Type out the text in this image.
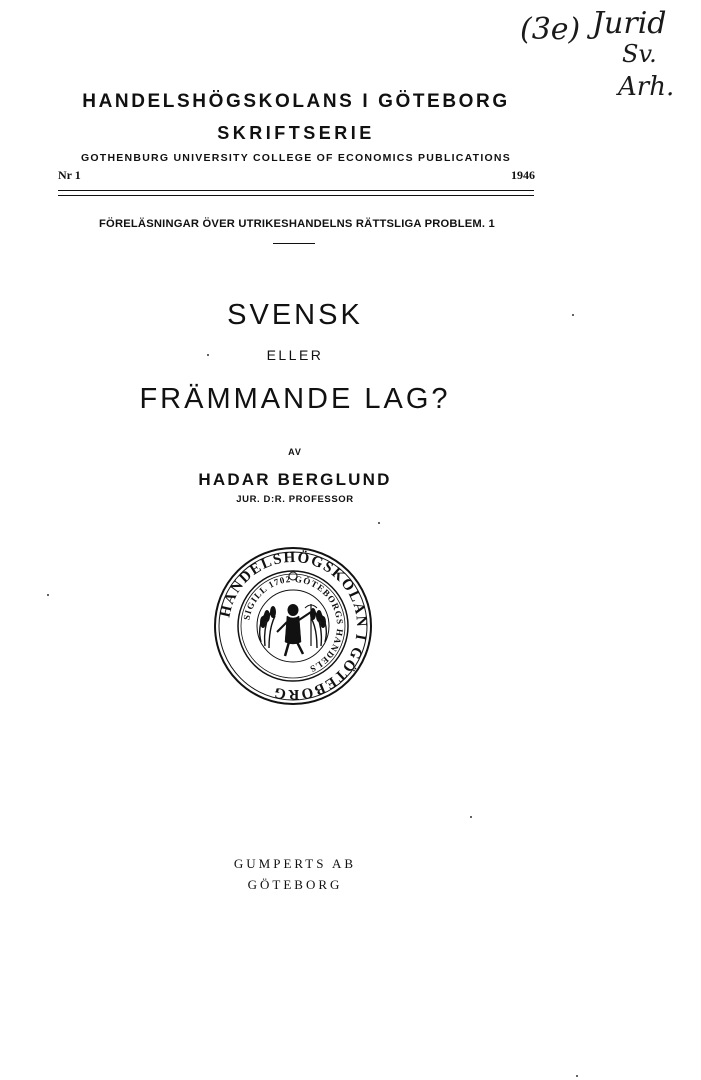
(3e) Jurid
Sv.
Arh.
HANDELSHÖGSKOLANS I GÖTEBORG
SKRIFTSERIE
GOTHENBURG UNIVERSITY COLLEGE OF ECONOMICS PUBLICATIONS
Nr 1	1946
FÖRELÄSNINGAR ÖVER UTRIKESHANDELNS RÄTTSLIGA PROBLEM. 1
SVENSK
ELLER
FRÄMMANDE LAG?
AV
HADAR BERGLUND
JUR. D:R. PROFESSOR
HANDELSHÖGSKOLAN I GÖTEBORG
SIGILL 1702 GÖTEBORGS HANDELS
GUMPERTS AB
GÖTEBORG
